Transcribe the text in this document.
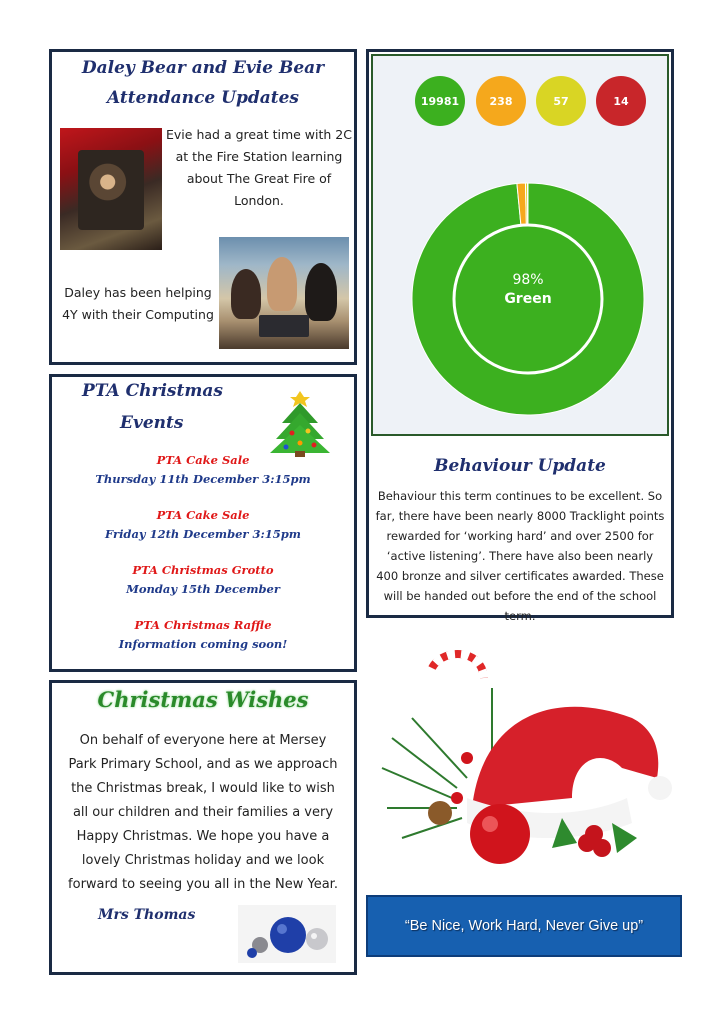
Daley Bear and Evie Bear
Attendance Updates
Evie had a great time with 2C at the Fire Station learning about The Great Fire of London.
Daley has been helping 4Y with their Computing
19981	238	57	14
98%
Green
Behaviour Update
Behaviour this term continues to be excellent. So far, there have been nearly 8000 Tracklight points rewarded for ‘working hard’ and over 2500 for ‘active listening’. There have also been nearly 400 bronze and silver certificates awarded. These will be handed out before the end of the school term.
PTA Christmas
Events
PTA Cake Sale
Thursday 11th December 3:15pm
PTA Cake Sale
Friday 12th December 3:15pm
PTA Christmas Grotto
Monday 15th December
PTA Christmas Raffle
Information coming soon!
Christmas Wishes
On behalf of everyone here at Mersey Park Primary School, and as we approach the Christmas break, I would like to wish all our children and their families a very Happy Christmas. We hope you have a lovely Christmas holiday and we look forward to seeing you all in the New Year.
Mrs Thomas
“Be Nice, Work Hard, Never Give up”
